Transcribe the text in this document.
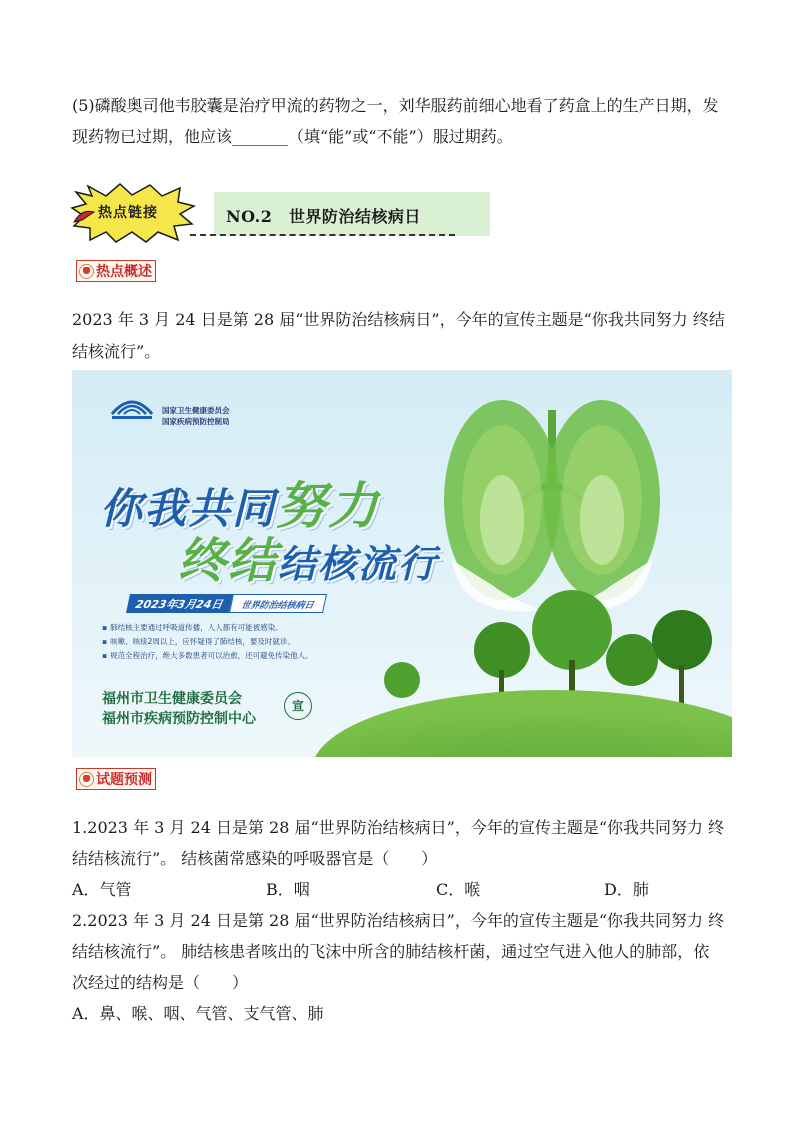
(5)磷酸奥司他韦胶囊是治疗甲流的药物之一，刘华服药前细心地看了药盒上的生产日期，发
现药物已过期，他应该_______（填“能”或“不能”）服过期药。
热点链接	NO.2　世界防治结核病日
热点概述
2023 年 3 月 24 日是第 28 届“世界防治结核病日”，今年的宣传主题是“你我共同努力 终结
结核流行”。
国家卫生健康委员会
国家疾病预防控制局
你我共同努力
终结结核流行
2023年3月24日	世界防治结核病日
▪ 肺结核主要通过呼吸道传播，人人都有可能被感染。
▪ 咳嗽、咳痰2周以上，应怀疑得了肺结核，要及时就诊。
▪ 规范全程治疗，绝大多数患者可以治愈，还可避免传染他人。
福州市卫生健康委员会
福州市疾病预防控制中心
宣
试题预测
1.2023 年 3 月 24 日是第 28 届“世界防治结核病日”，今年的宣传主题是“你我共同努力 终
结结核流行”。 结核菌常感染的呼吸器官是（　　）
A．气管	B．咽	C．喉	D．肺
2.2023 年 3 月 24 日是第 28 届“世界防治结核病日”，今年的宣传主题是“你我共同努力 终
结结核流行”。 肺结核患者咳出的飞沫中所含的肺结核杆菌，通过空气进入他人的肺部，依
次经过的结构是（　　）
A．鼻、喉、咽、气管、支气管、肺
